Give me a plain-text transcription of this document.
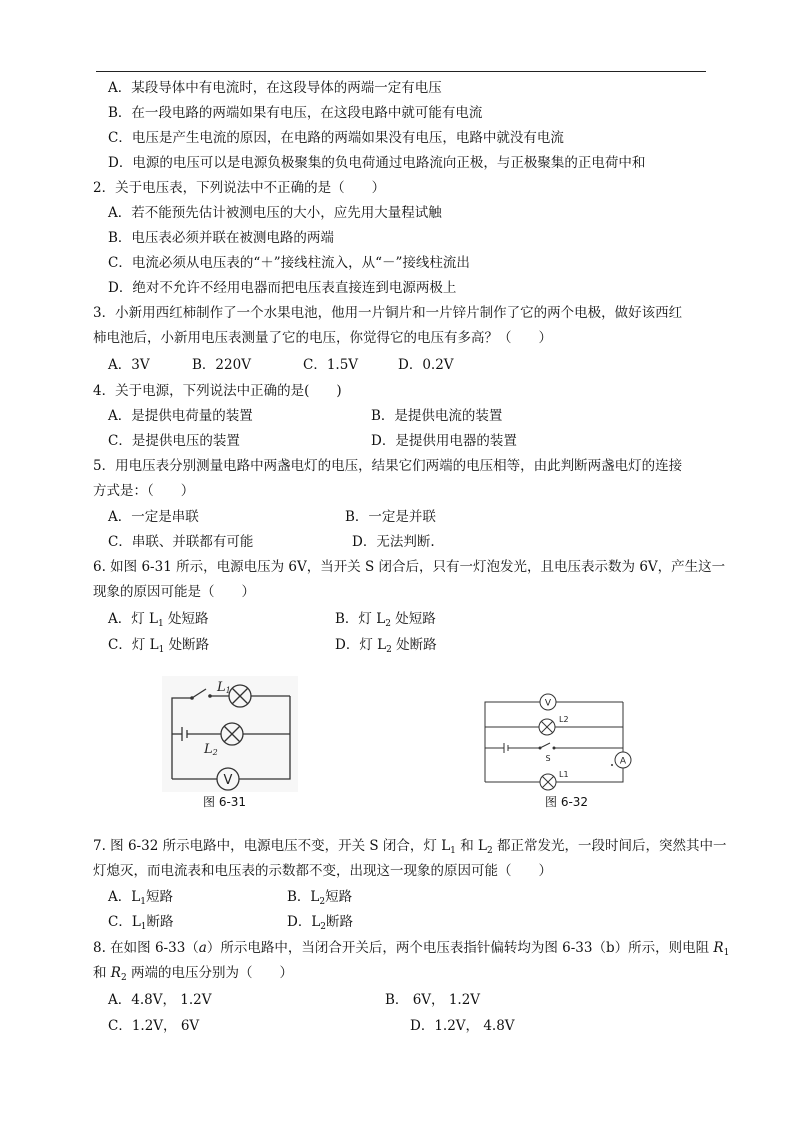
A．某段导体中有电流时，在这段导体的两端一定有电压
B．在一段电路的两端如果有电压，在这段电路中就可能有电流
C．电压是产生电流的原因，在电路的两端如果没有电压，电路中就没有电流
D．电源的电压可以是电源负极聚集的负电荷通过电路流向正极，与正极聚集的正电荷中和
2．关于电压表，下列说法中不正确的是（　　）
A．若不能预先估计被测电压的大小，应先用大量程试触
B．电压表必须并联在被测电路的两端
C．电流必须从电压表的“＋”接线柱流入，从“－”接线柱流出
D．绝对不允许不经用电器而把电压表直接连到电源两极上
3．小新用西红柿制作了一个水果电池，他用一片铜片和一片锌片制作了它的两个电极，做好该西红
柿电池后，小新用电压表测量了它的电压，你觉得它的电压有多高？（　　）
A．3V	B．220V	C．1.5V	D．0.2V
4．关于电源，下列说法中正确的是(　　)
A．是提供电荷量的装置	B．是提供电流的装置
C．是提供电压的装置	D．是提供用电器的装置
5．用电压表分别测量电路中两盏电灯的电压，结果它们两端的电压相等，由此判断两盏电灯的连接
方式是：（　　）
A．一定是串联	B．一定是并联
C．串联、并联都有可能	D．无法判断.
6. 如图 6-31 所示，电源电压为 6V，当开关 S 闭合后，只有一灯泡发光，且电压表示数为 6V，产生这一
现象的原因可能是（　　）
A．灯 $L_1$ 处短路	B．灯 $L_2$ 处短路
C．灯 $L_1$ 处断路	D．灯 $L_2$ 处断路
L1
L2
V
图 6-31
V
A
L2
S
L1
图 6-32
7. 图 6-32 所示电路中，电源电压不变，开关 S 闭合，灯 $L_1$ 和 $L_2$ 都正常发光，一段时间后，突然其中一
灯熄灭，而电流表和电压表的示数都不变，出现这一现象的原因可能（　　）
A．$L_1$短路	B．$L_2$短路
C．$L_1$断路	D．$L_2$断路
8. 在如图 6-33（a）所示电路中，当闭合开关后，两个电压表指针偏转均为图 6-33（b）所示，则电阻 $R_1$
和 $R_2$ 两端的电压分别为（　　）
A．4.8V， 1.2V	B． 6V， 1.2V
C．1.2V， 6V	D．1.2V， 4.8V
